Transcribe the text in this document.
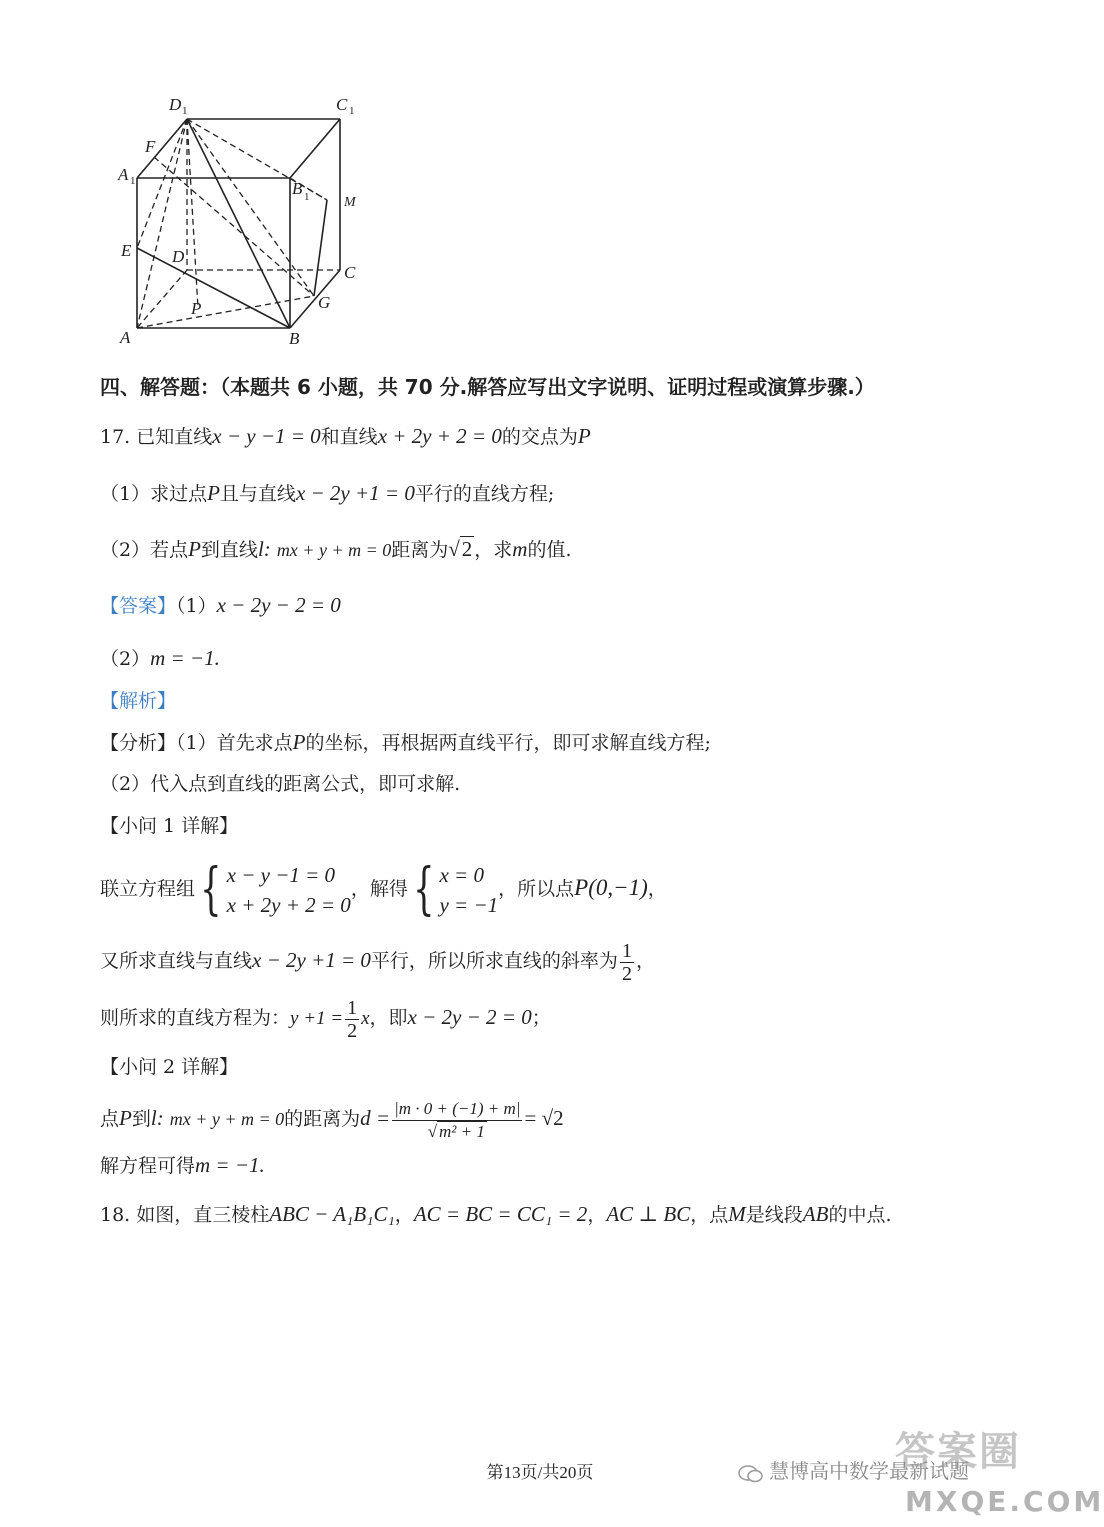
D 1	C 1
A 1	B 1
F
M
E D
C
P	G
A	B
四、解答题：（本题共 6 小题，共 70 分.解答应写出文字说明、证明过程或演算步骤.）
17. 已知直线x − y −1 = 0和直线x + 2y + 2 = 0的交点为P
（1）求过点P且与直线x − 2y +1 = 0平行的直线方程;
（2）若点P到直线l: mx + y + m = 0距离为√2 ，求m的值.
【答案】（1）x − 2y − 2 = 0
（2）m = −1.
【解析】
【分析】（1）首先求点P的坐标，再根据两直线平行，即可求解直线方程;
（2）代入点到直线的距离公式，即可求解.
【小问 1 详解】
联立方程组{ x − y −1 = 0
x + 2y + 2 = 0
，解得{ x = 0
y = −1
，所以点P(0,−1)，
又所求直线与直线x − 2y +1 = 0平行，所以所求直线的斜率为 $\frac{1}{2}$ ，
则所求的直线方程为：$y +1 = \frac{1}{2}$ x，即x − 2y − 2 = 0；
【小问 2 详解】
点P到l: mx + y + m = 0的距离为$d = \frac{|m \cdot 0 + (-1) + m|}{\text{√ m² + 1}} = √2$
解方程可得m = −1.
18. 如图，直三棱柱ABC − A₁B₁C₁，AC = BC = CC₁ = 2，AC ⊥ BC，点M是线段AB的中点.
第13页/共20页	慧博高中数学最新试题
答案圈
MXQE.COM
